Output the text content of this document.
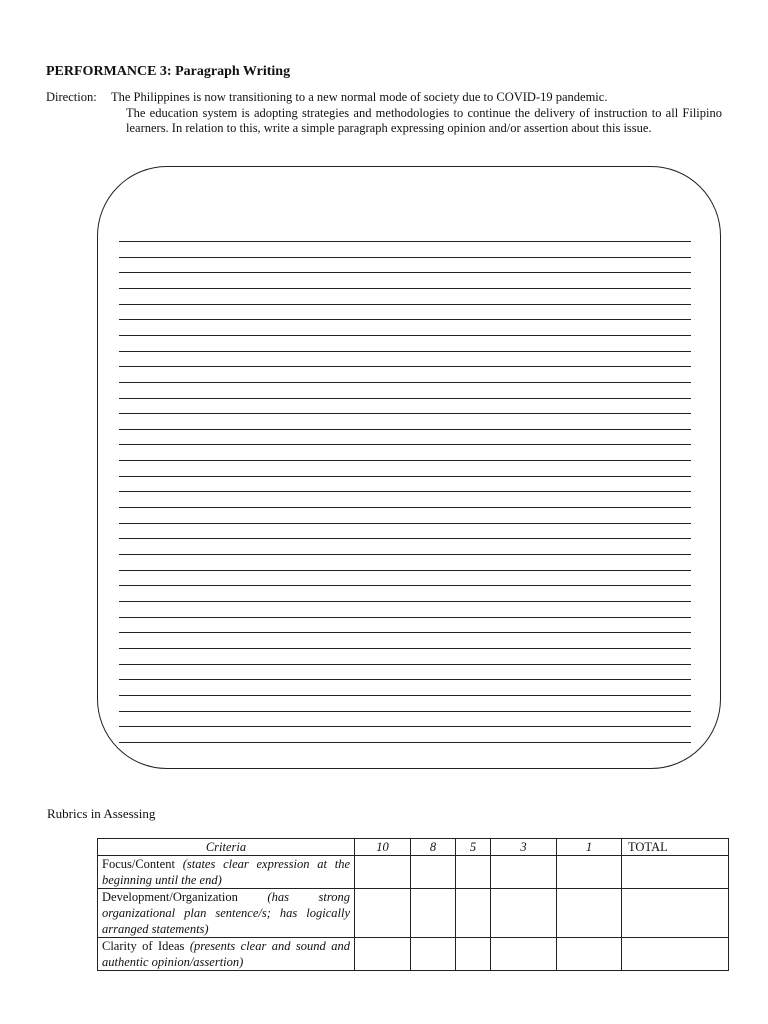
PERFORMANCE 3: Paragraph Writing
Direction: The Philippines is now transitioning to a new normal mode of society due to COVID-19 pandemic.
The education system is adopting strategies and methodologies to continue the delivery of instruction to all Filipino learners. In relation to this, write a simple paragraph expressing opinion and/or assertion about this issue.
Rubrics in Assessing
Criteria	10	8	5	3	1	TOTAL
Focus/Content (states clear expression at the beginning until the end)						
Development/Organization (has strong organizational plan sentence/s; has logically arranged statements)						
Clarity of Ideas (presents clear and sound and authentic opinion/assertion)						
